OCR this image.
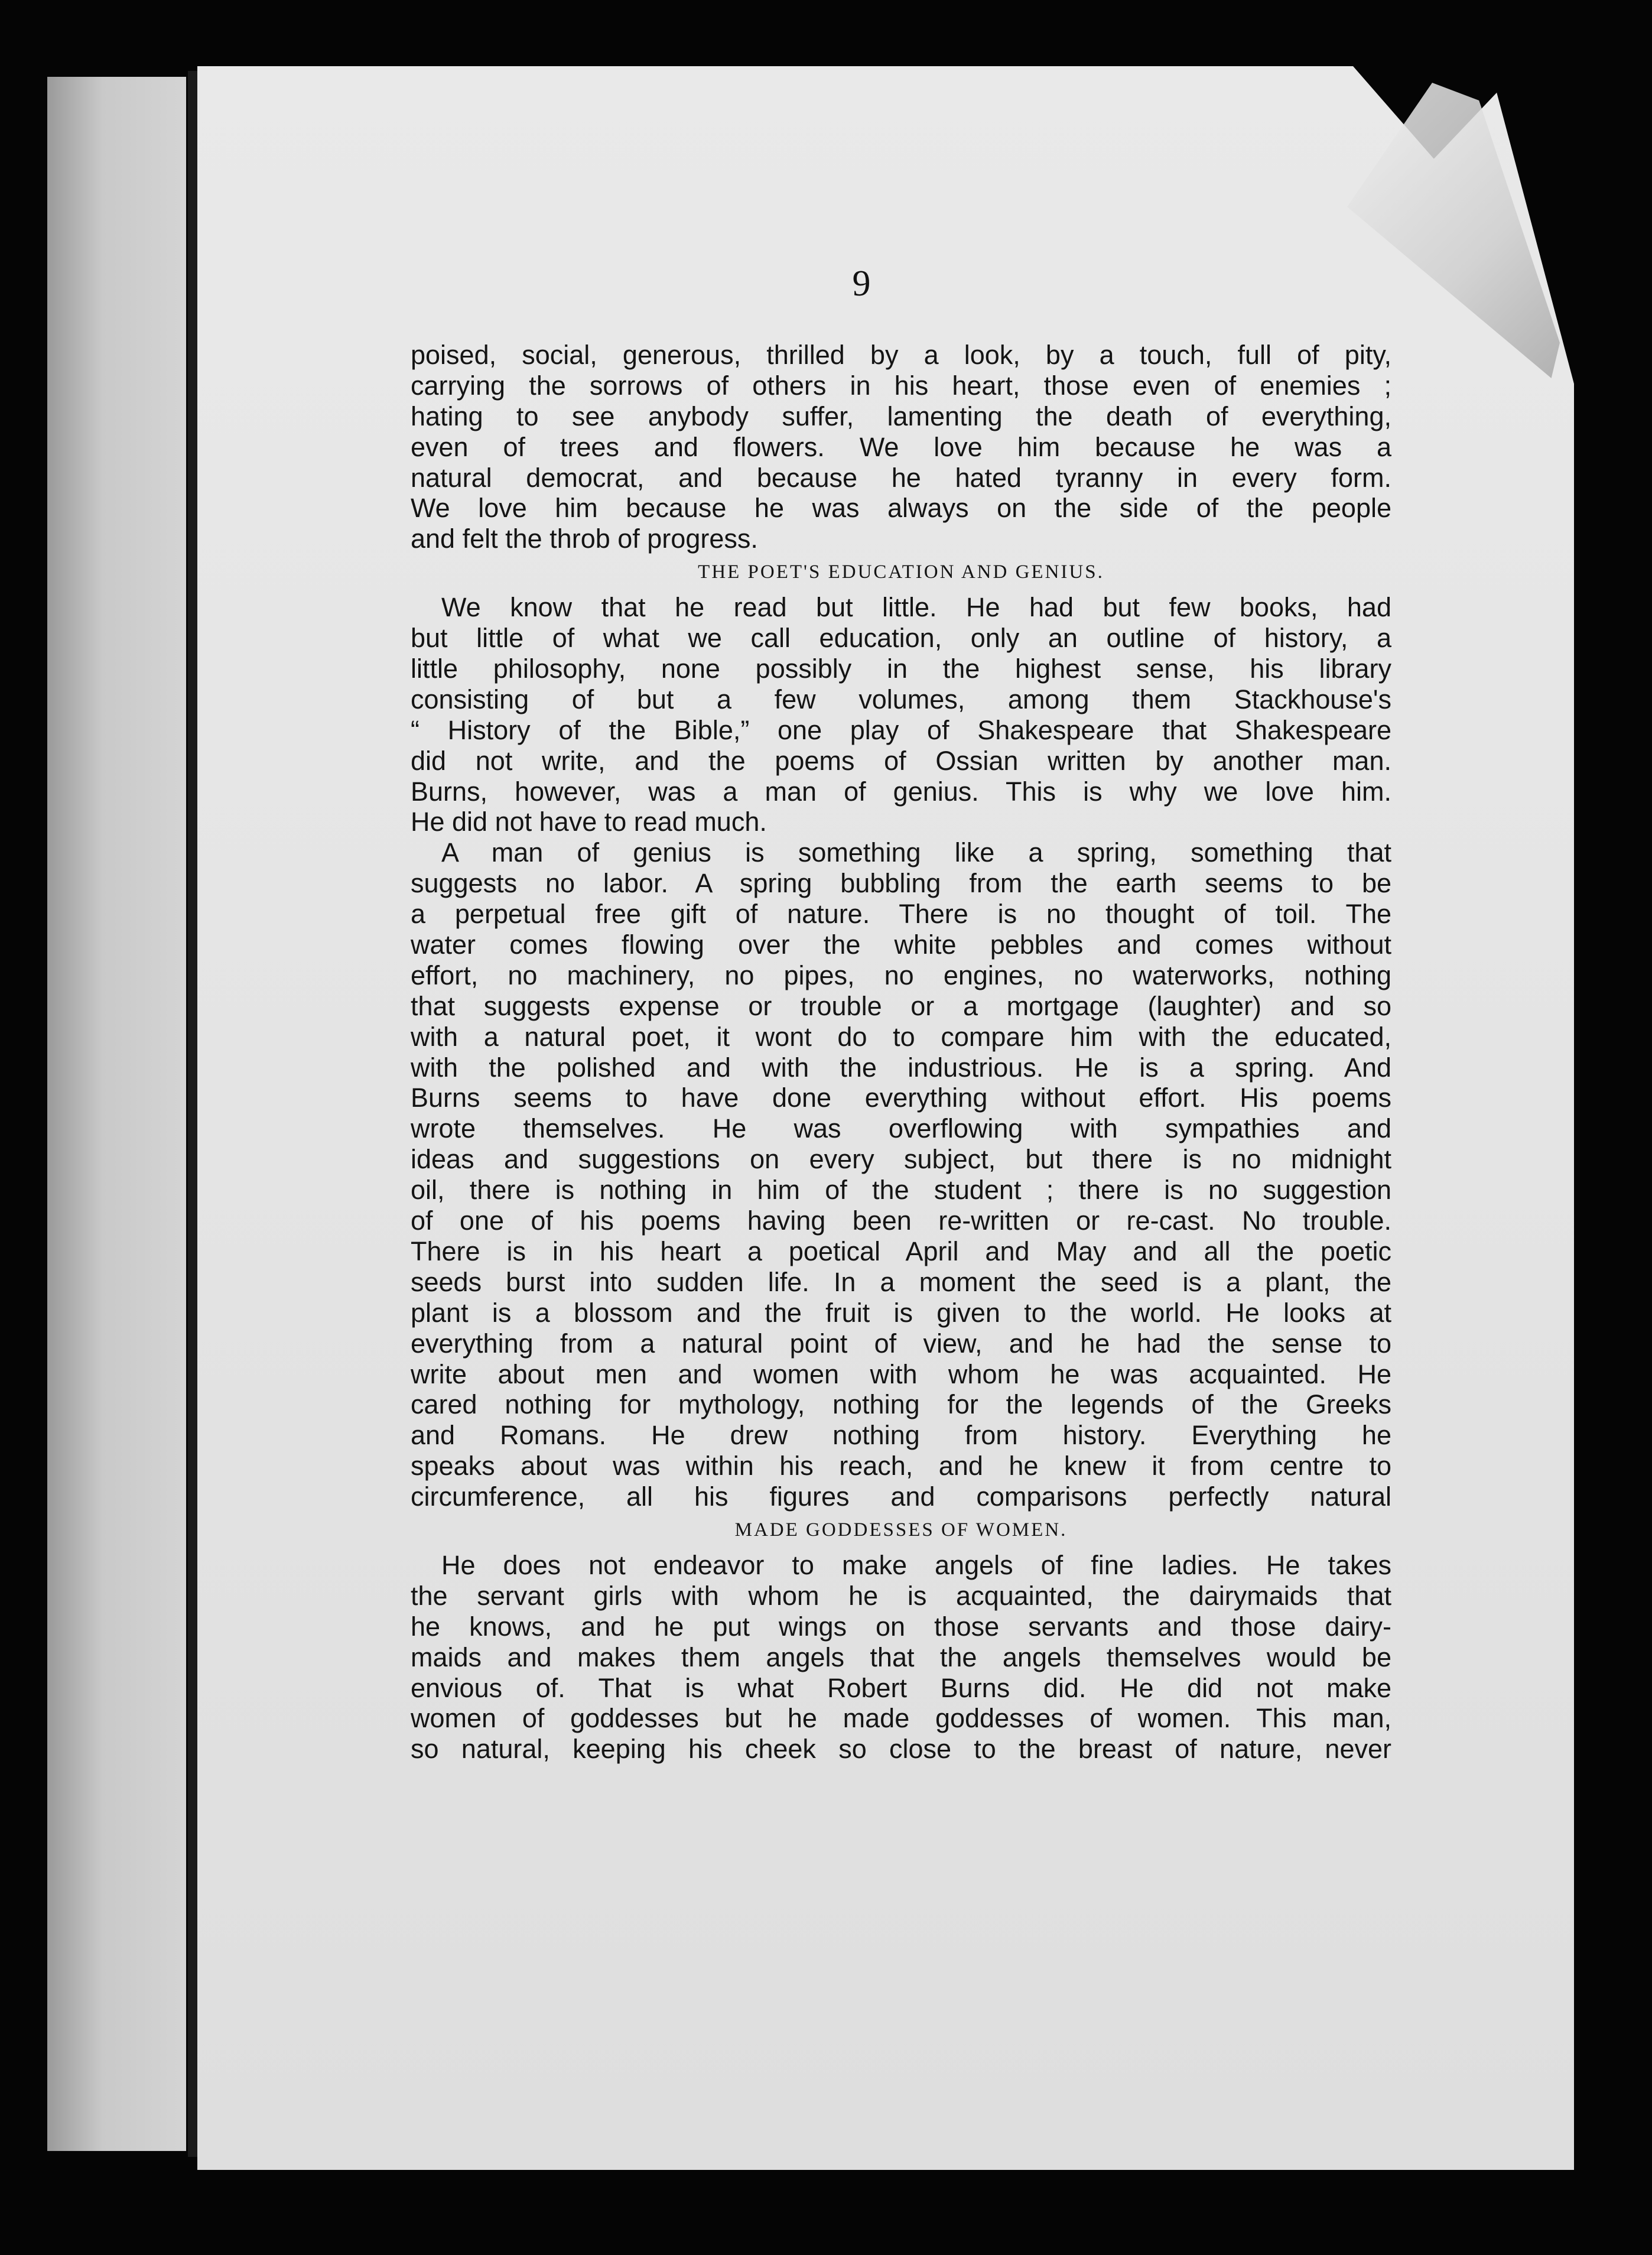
9
poised, social, generous, thrilled by a look, by a touch, full of pity,
carrying the sorrows of others in his heart, those even of enemies ;
hating to see anybody suffer, lamenting the death of everything,
even of trees and flowers. We love him because he was a
natural democrat, and because he hated tyranny in every form.
We love him because he was always on the side of the people
and felt the throb of progress.
THE POET'S EDUCATION AND GENIUS.
We know that he read but little. He had but few books, had
but little of what we call education, only an outline of history, a
little philosophy, none possibly in the highest sense, his library
consisting of but a few volumes, among them Stackhouse's
“ History of the Bible,” one play of Shakespeare that Shakespeare
did not write, and the poems of Ossian written by another man.
Burns, however, was a man of genius. This is why we love him.
He did not have to read much.
A man of genius is something like a spring, something that
suggests no labor. A spring bubbling from the earth seems to be
a perpetual free gift of nature. There is no thought of toil. The
water comes flowing over the white pebbles and comes without
effort, no machinery, no pipes, no engines, no waterworks, nothing
that suggests expense or trouble or a mortgage (laughter) and so
with a natural poet, it wont do to compare him with the educated,
with the polished and with the industrious. He is a spring. And
Burns seems to have done everything without effort. His poems
wrote themselves. He was overflowing with sympathies and
ideas and suggestions on every subject, but there is no midnight
oil, there is nothing in him of the student ; there is no suggestion
of one of his poems having been re-written or re-cast. No trouble.
There is in his heart a poetical April and May and all the poetic
seeds burst into sudden life. In a moment the seed is a plant, the
plant is a blossom and the fruit is given to the world. He looks at
everything from a natural point of view, and he had the sense to
write about men and women with whom he was acquainted. He
cared nothing for mythology, nothing for the legends of the Greeks
and Romans. He drew nothing from history. Everything he
speaks about was within his reach, and he knew it from centre to
circumference, all his figures and comparisons perfectly natural
MADE GODDESSES OF WOMEN.
He does not endeavor to make angels of fine ladies. He takes
the servant girls with whom he is acquainted, the dairymaids that
he knows, and he put wings on those servants and those dairy-
maids and makes them angels that the angels themselves would be
envious of. That is what Robert Burns did. He did not make
women of goddesses but he made goddesses of women. This man,
so natural, keeping his cheek so close to the breast of nature, never
